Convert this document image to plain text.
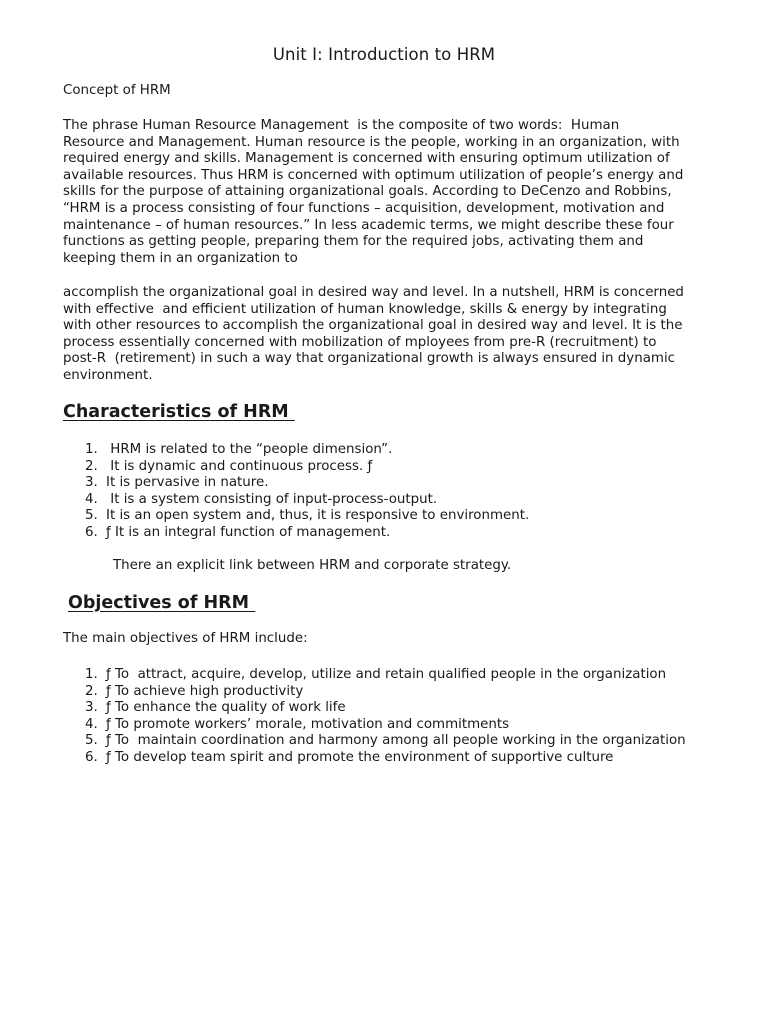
Unit I: Introduction to HRM
Concept of HRM
The phrase Human Resource Management  is the composite of two words:  Human
Resource and Management. Human resource is the people, working in an organization, with
required energy and skills. Management is concerned with ensuring optimum utilization of
available resources. Thus HRM is concerned with optimum utilization of people’s energy and
skills for the purpose of attaining organizational goals. According to DeCenzo and Robbins,
“HRM is a process consisting of four functions – acquisition, development, motivation and
maintenance – of human resources.” In less academic terms, we might describe these four
functions as getting people, preparing them for the required jobs, activating them and
keeping them in an organization to
accomplish the organizational goal in desired way and level. In a nutshell, HRM is concerned
with effective  and efficient utilization of human knowledge, skills & energy by integrating
with other resources to accomplish the organizational goal in desired way and level. It is the
process essentially concerned with mobilization of mployees from pre-R (recruitment) to
post-R  (retirement) in such a way that organizational growth is always ensured in dynamic
environment.
Characteristics of HRM
1. HRM is related to the “people dimension”.
2. It is dynamic and continuous process. ƒ
3. It is pervasive in nature.
4. It is a system consisting of input-process-output.
5. It is an open system and, thus, it is responsive to environment.
6. ƒ It is an integral function of management.
There an explicit link between HRM and corporate strategy.
Objectives of HRM
The main objectives of HRM include:
1. ƒ To  attract, acquire, develop, utilize and retain qualified people in the organization
2. ƒ To achieve high productivity
3. ƒ To enhance the quality of work life
4. ƒ To promote workers’ morale, motivation and commitments
5. ƒ To  maintain coordination and harmony among all people working in the organization
6. ƒ To develop team spirit and promote the environment of supportive culture
